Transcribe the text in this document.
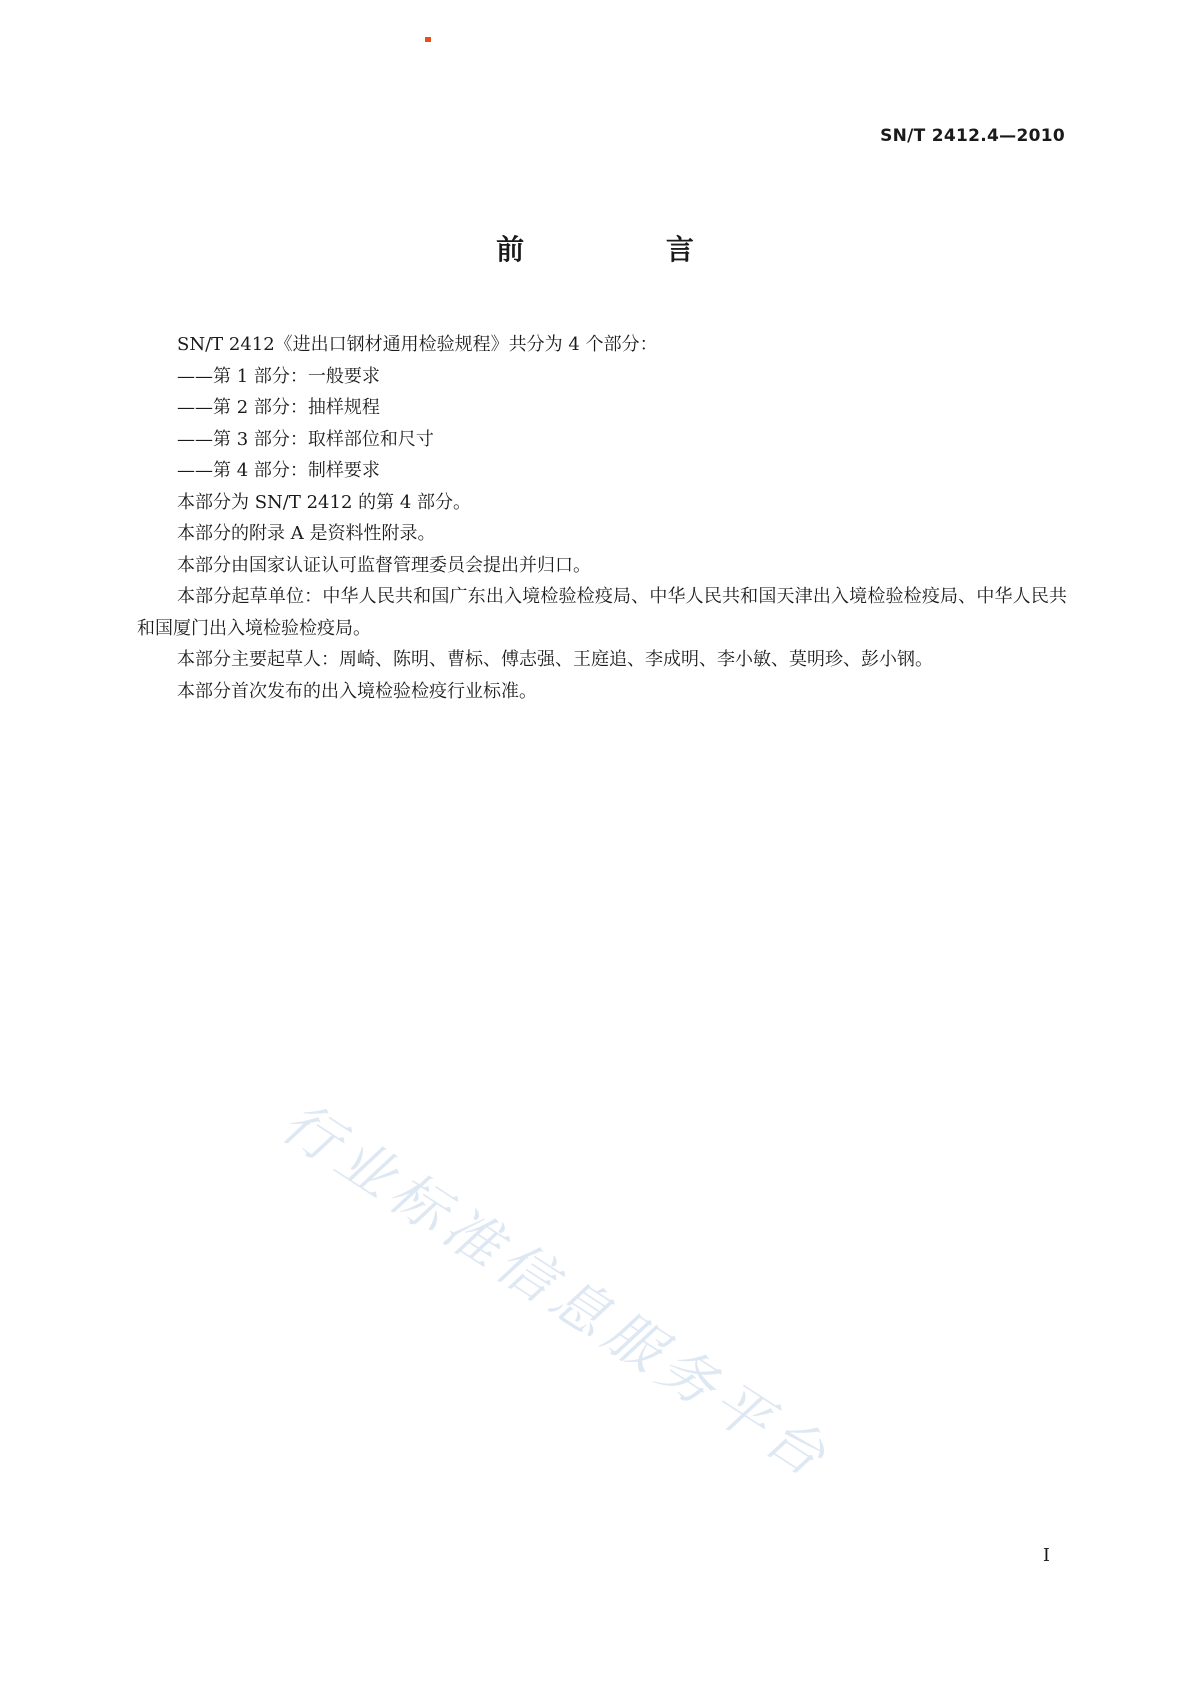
SN/T 2412.4—2010
前 言

SN/T 2412《进出口钢材通用检验规程》共分为 4 个部分：

——第 1 部分：一般要求

——第 2 部分：抽样规程

——第 3 部分：取样部位和尺寸

——第 4 部分：制样要求

本部分为 SN/T 2412 的第 4 部分。

本部分的附录 A 是资料性附录。

本部分由国家认证认可监督管理委员会提出并归口。

本部分起草单位：中华人民共和国广东出入境检验检疫局、中华人民共和国天津出入境检验检疫局、中华人民共和国厦门出入境检验检疫局。

本部分主要起草人：周崎、陈明、曹标、傅志强、王庭追、李成明、李小敏、莫明珍、彭小钢。

本部分首次发布的出入境检验检疫行业标准。

行业标准信息服务平台
I
